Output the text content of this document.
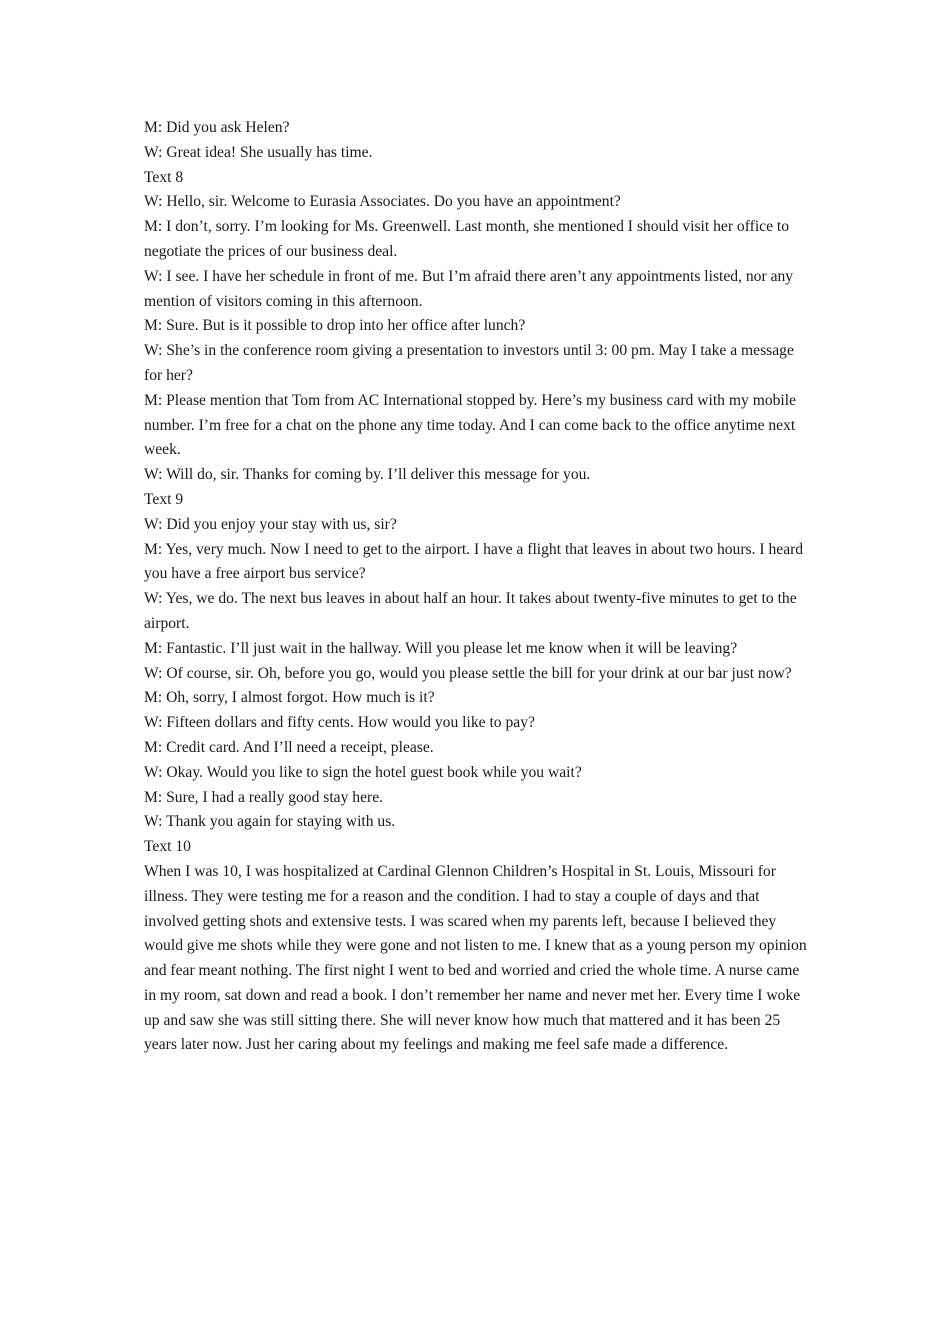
M: Did you ask Helen?

W: Great idea! She usually has time.

Text 8

W: Hello, sir. Welcome to Eurasia Associates. Do you have an appointment?

M: I don’t, sorry. I’m looking for Ms. Greenwell. Last month, she mentioned I should visit her office to negotiate the prices of our business deal.

W: I see. I have her schedule in front of me. But I’m afraid there aren’t any appointments listed, nor any mention of visitors coming in this afternoon.

M: Sure. But is it possible to drop into her office after lunch?

W: She’s in the conference room giving a presentation to investors until 3: 00 pm. May I take a message for her?

M: Please mention that Tom from AC International stopped by. Here’s my business card with my mobile number. I’m free for a chat on the phone any time today. And I can come back to the office anytime next week.

W: Will do, sir. Thanks for coming by. I’ll deliver this message for you.

Text 9

W: Did you enjoy your stay with us, sir?

M: Yes, very much. Now I need to get to the airport. I have a flight that leaves in about two hours. I heard you have a free airport bus service?

W: Yes, we do. The next bus leaves in about half an hour. It takes about twenty-five minutes to get to the airport.

M: Fantastic. I’ll just wait in the hallway. Will you please let me know when it will be leaving?

W: Of course, sir. Oh, before you go, would you please settle the bill for your drink at our bar just now?

M: Oh, sorry, I almost forgot. How much is it?

W: Fifteen dollars and fifty cents. How would you like to pay?

M: Credit card. And I’ll need a receipt, please.

W: Okay. Would you like to sign the hotel guest book while you wait?

M: Sure, I had a really good stay here.

W: Thank you again for staying with us.

Text 10

When I was 10, I was hospitalized at Cardinal Glennon Children’s Hospital in St. Louis, Missouri for illness. They were testing me for a reason and the condition. I had to stay a couple of days and that involved getting shots and extensive tests. I was scared when my parents left, because I believed they would give me shots while they were gone and not listen to me. I knew that as a young person my opinion and fear meant nothing. The first night I went to bed and worried and cried the whole time. A nurse came in my room, sat down and read a book. I don’t remember her name and never met her. Every time I woke up and saw she was still sitting there. She will never know how much that mattered and it has been 25 years later now. Just her caring about my feelings and making me feel safe made a difference.
